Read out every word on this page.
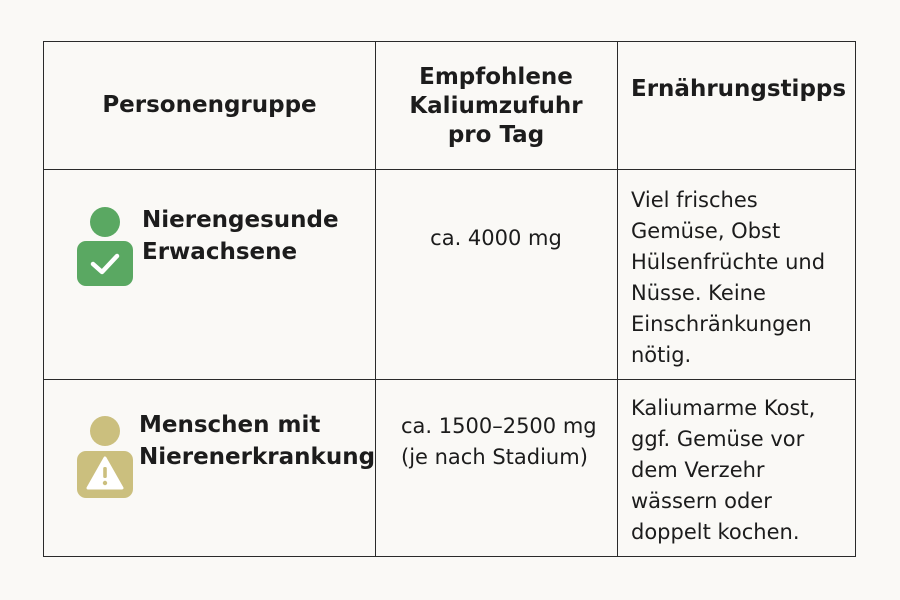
Personengruppe
Empfohlene
Kaliumzufuhr
pro Tag
Ernährungstipps
Nierengesunde
Erwachsene
ca. 4000 mg
Viel frisches
Gemüse, Obst
Hülsenfrüchte und
Nüsse. Keine
Einschränkungen
nötig.
Menschen mit
Nierenerkrankung
ca. 1500–2500 mg
(je nach Stadium)
Kaliumarme Kost,
ggf. Gemüse vor
dem Verzehr
wässern oder
doppelt kochen.
